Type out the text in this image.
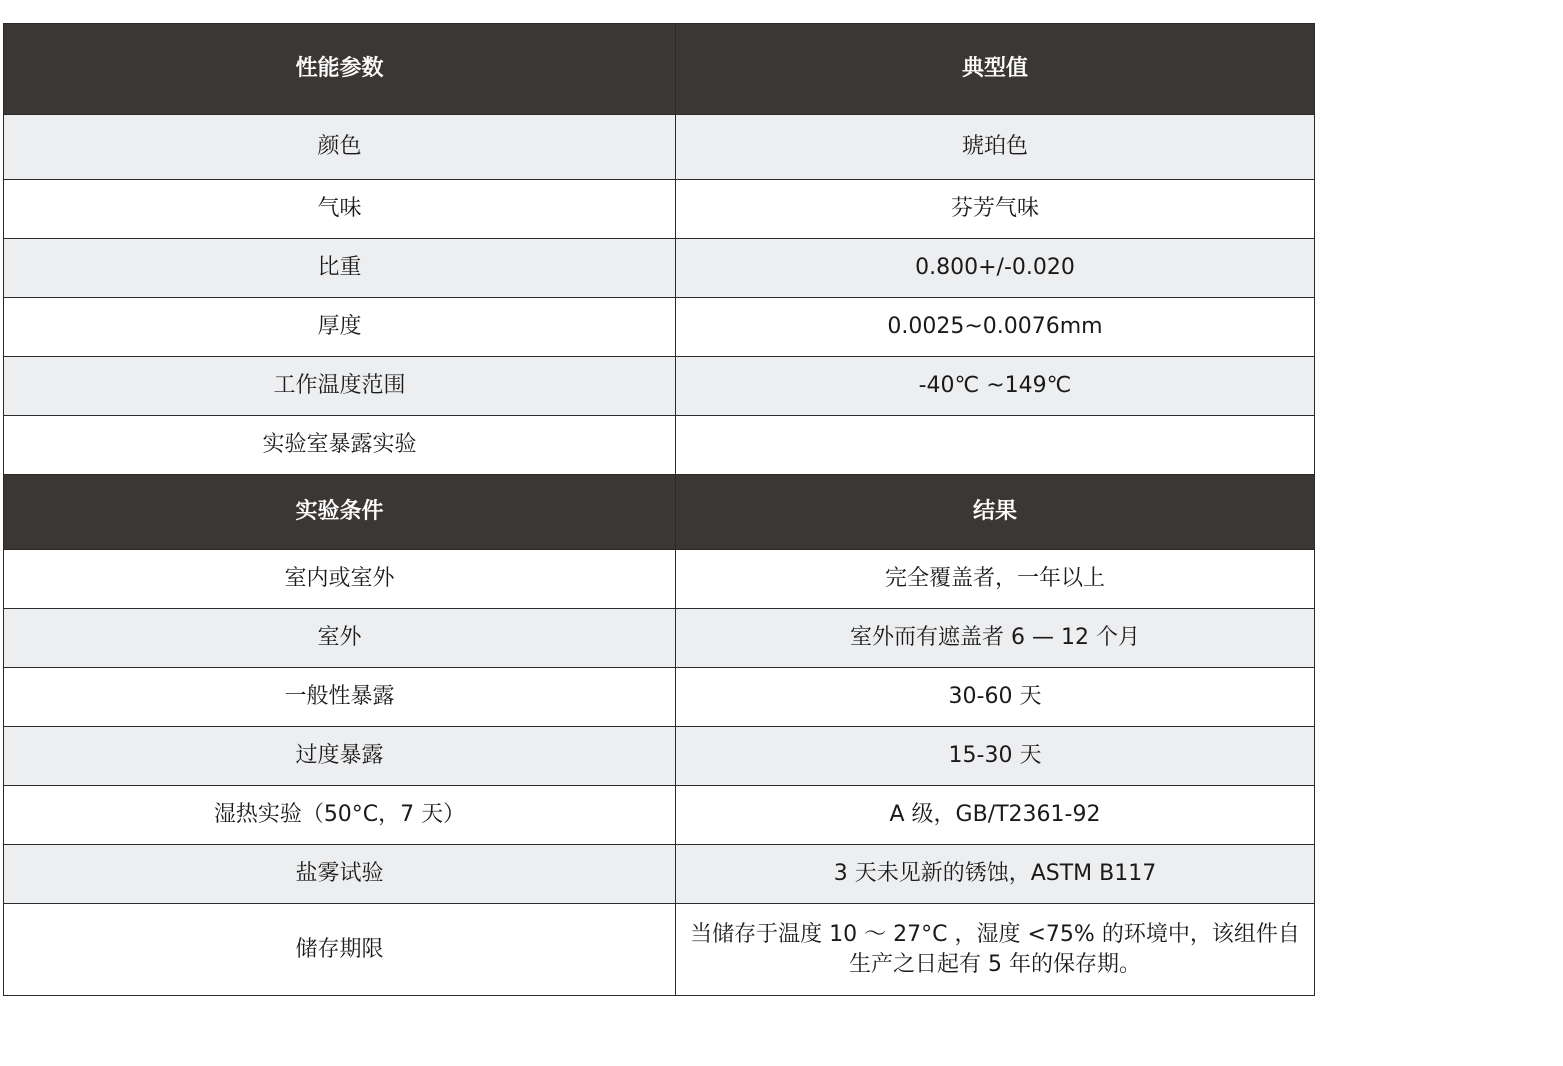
性能参数	典型值
颜色	琥珀色
气味	芬芳气味
比重	0.800+/-0.020
厚度	0.0025~0.0076mm
工作温度范围	-40℃ ~149℃
实验室暴露实验	
实验条件	结果
室内或室外	完全覆盖者，一年以上
室外	室外而有遮盖者 6 — 12 个月
一般性暴露	30-60 天
过度暴露	15-30 天
湿热实验（50°C，7 天）	A 级，GB/T2361-92
盐雾试验	3 天未见新的锈蚀，ASTM B117
储存期限	当储存于温度 10 ～ 27°C ，湿度 <75% 的环境中，该组件自生产之日起有 5 年的保存期。
